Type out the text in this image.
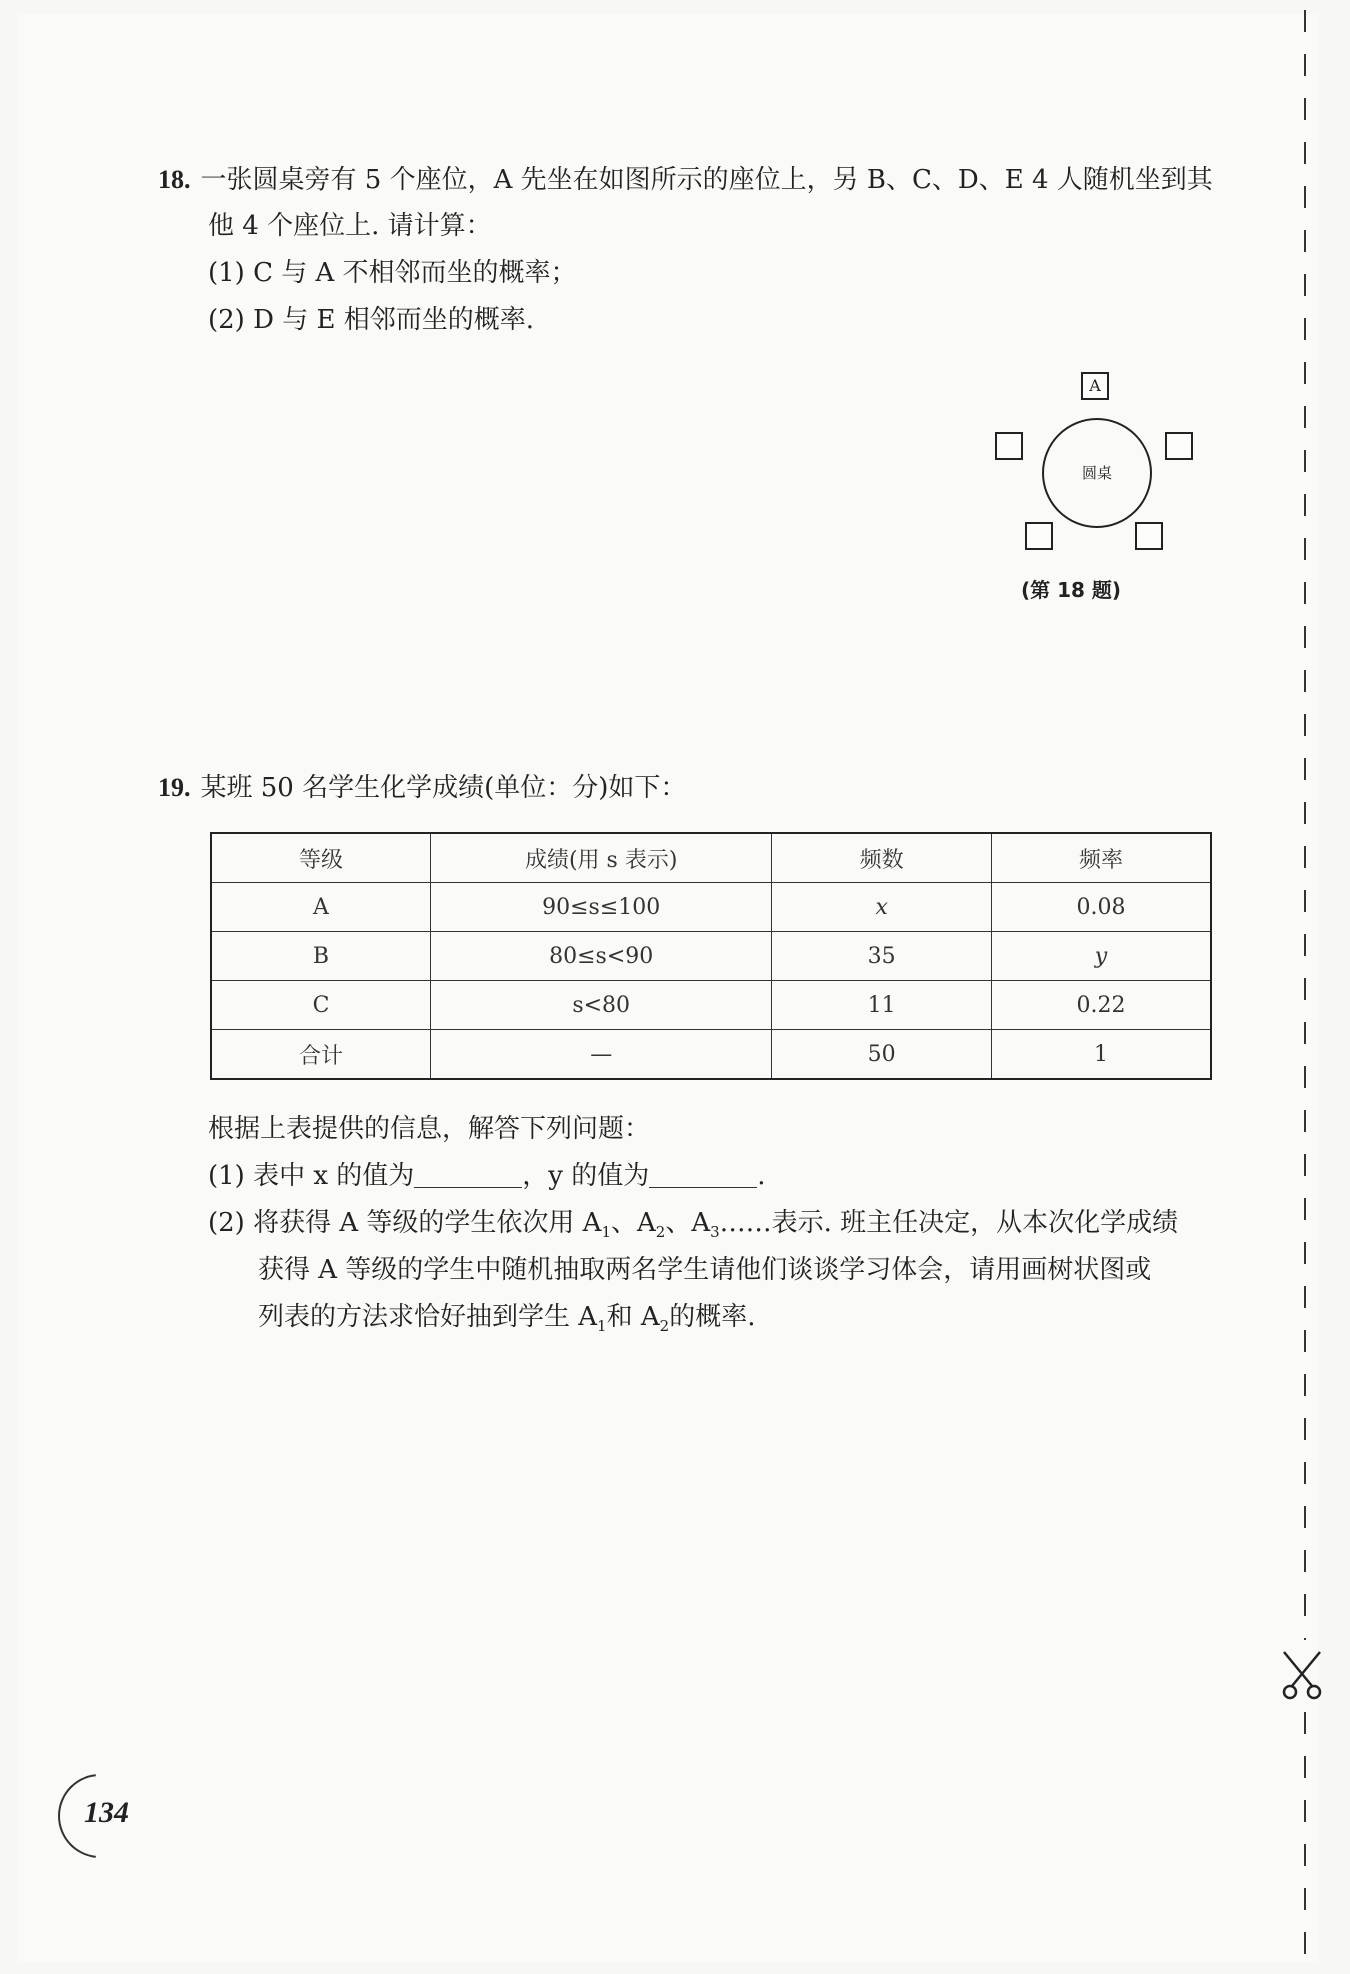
18. 一张圆桌旁有 5 个座位，A 先坐在如图所示的座位上，另 B、C、D、E 4 人随机坐到其
他 4 个座位上. 请计算：
(1) C 与 A 不相邻而坐的概率；
(2) D 与 E 相邻而坐的概率.
A
圆桌
(第 18 题)
19. 某班 50 名学生化学成绩(单位：分)如下：
等级	成绩(用 s 表示)	频数	频率
A	90≤s≤100	x	0.08
B	80≤s<90	35	y
C	s<80	11	0.22
合计	—	50	1
根据上表提供的信息，解答下列问题：
(1) 表中 x 的值为	，y 的值为	.
(2) 将获得 A 等级的学生依次用 $A_1$、$A_2$、$A_3\dots\dots$表示. 班主任决定，从本次化学成绩
获得 A 等级的学生中随机抽取两名学生请他们谈谈学习体会，请用画树状图或
列表的方法求恰好抽到学生 $A_1$和 $A_2$的概率.
134
